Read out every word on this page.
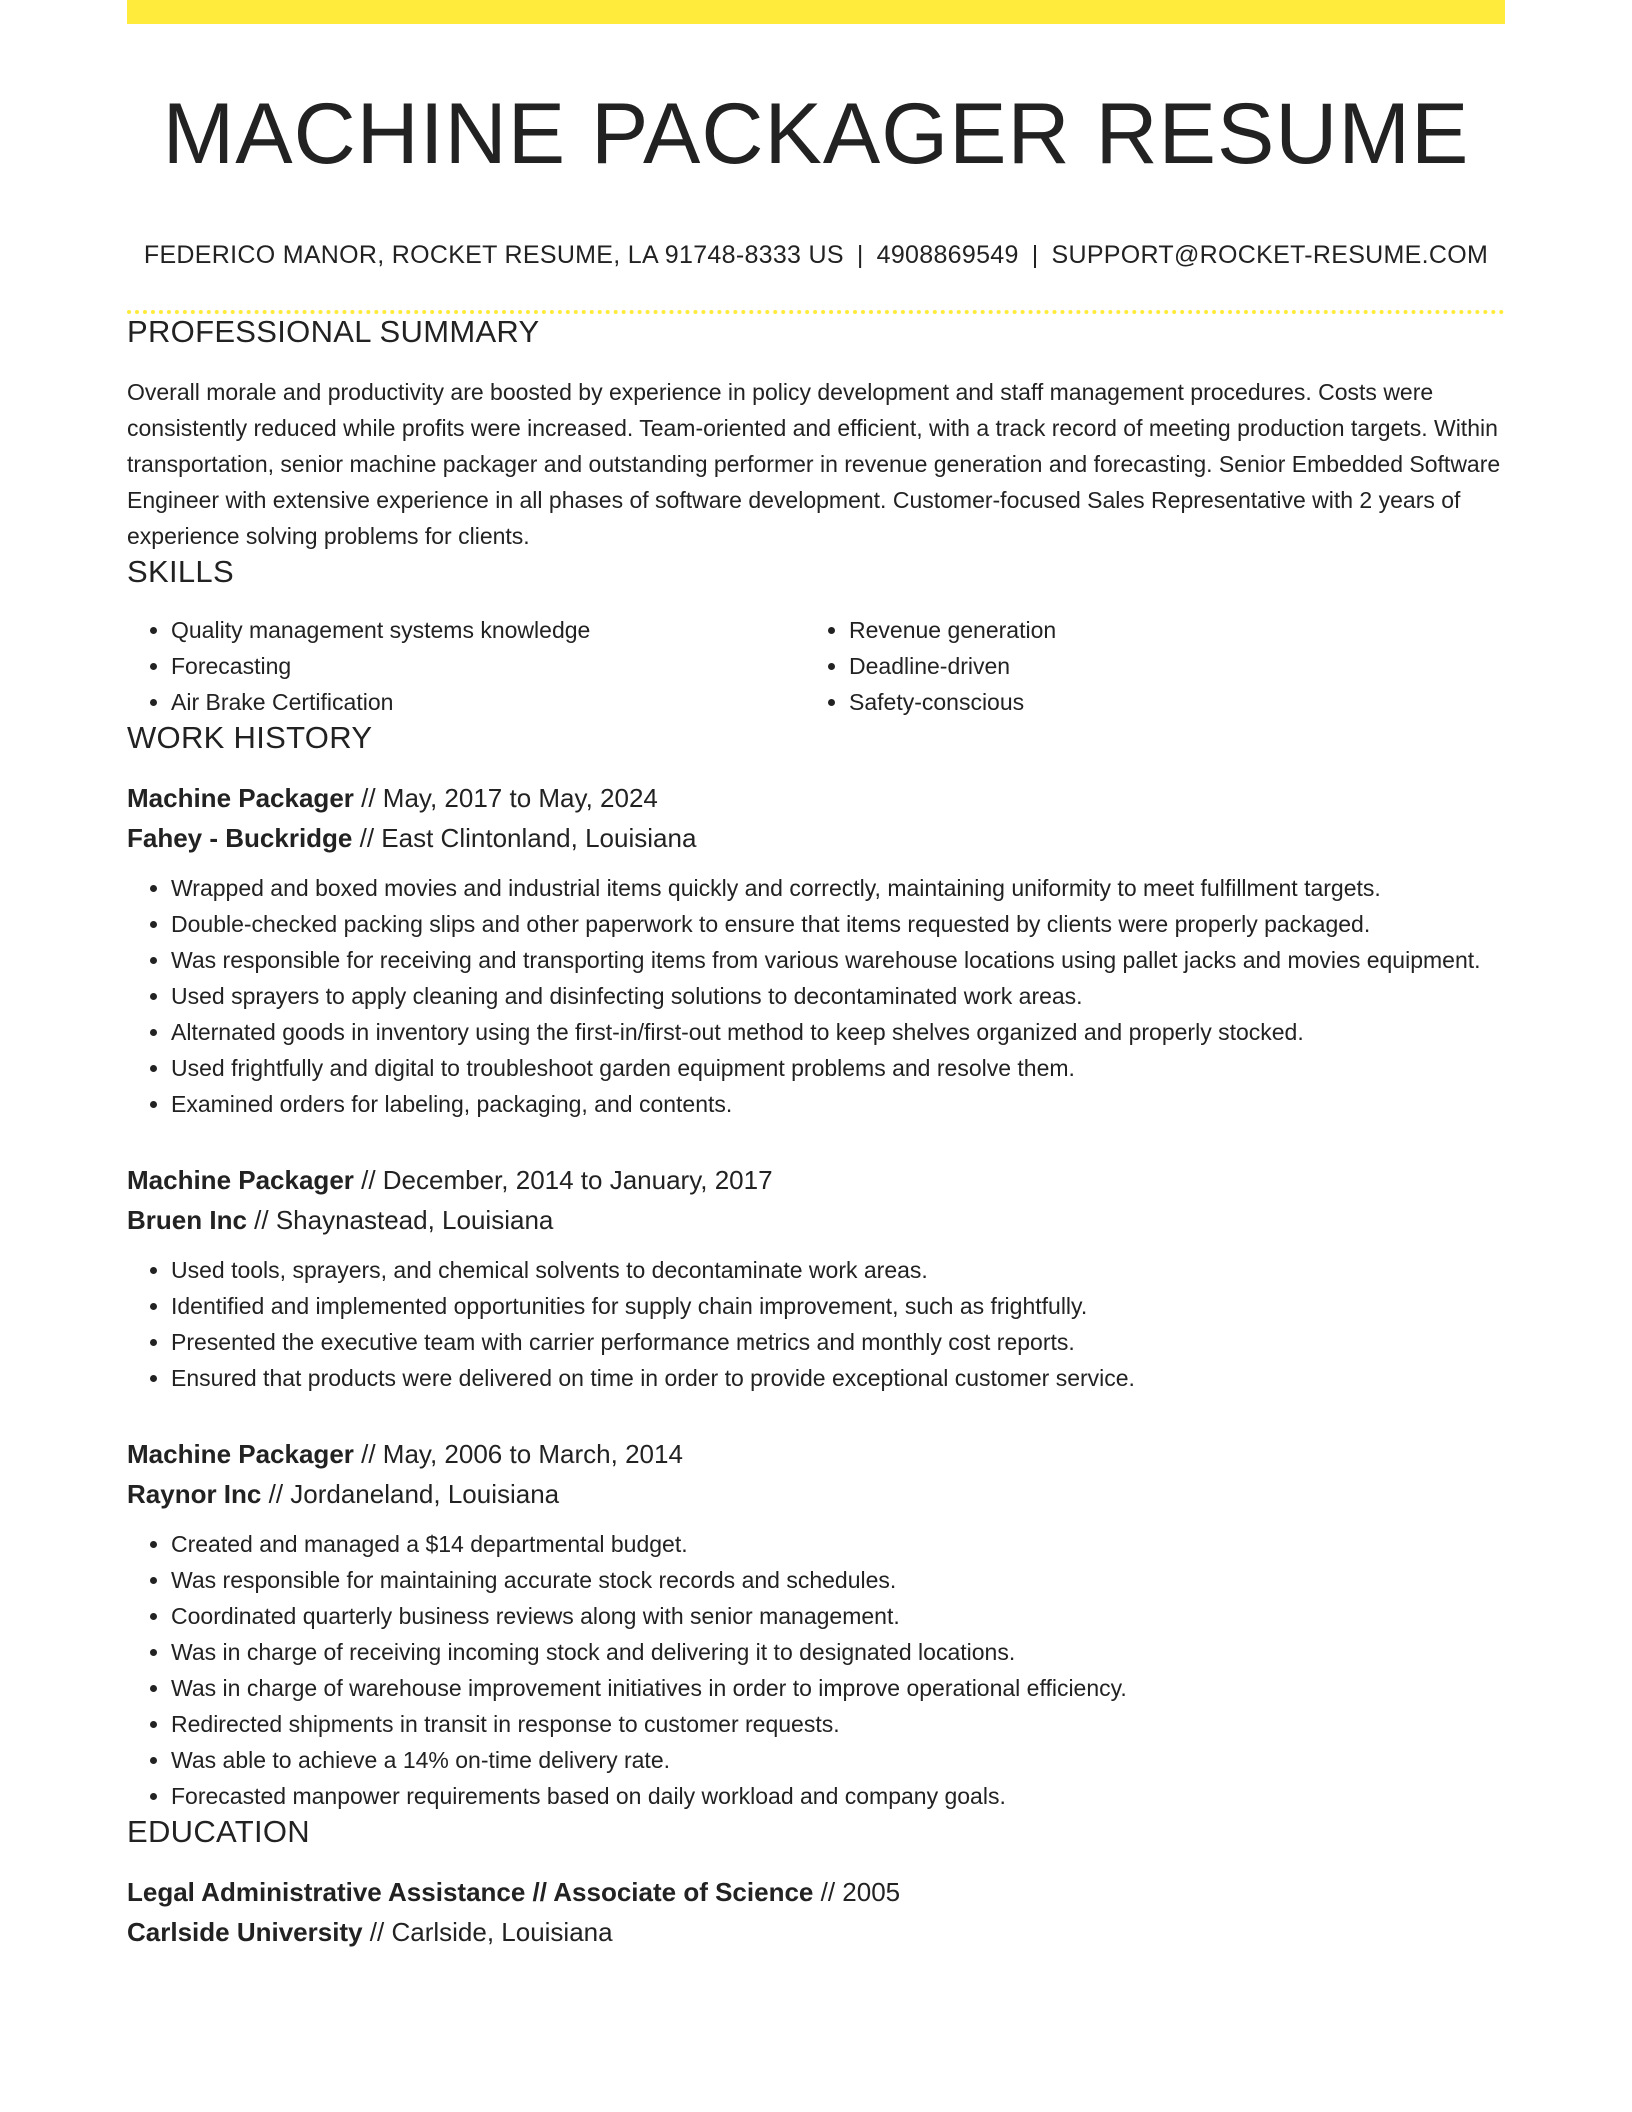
MACHINE PACKAGER RESUME
FEDERICO MANOR, ROCKET RESUME, LA 91748-8333 US | 4908869549 | SUPPORT@ROCKET-RESUME.COM
PROFESSIONAL SUMMARY
Overall morale and productivity are boosted by experience in policy development and staff management procedures. Costs were consistently reduced while profits were increased. Team-oriented and efficient, with a track record of meeting production targets. Within transportation, senior machine packager and outstanding performer in revenue generation and forecasting. Senior Embedded Software Engineer with extensive experience in all phases of software development. Customer-focused Sales Representative with 2 years of experience solving problems for clients.
SKILLS
• Quality management systems knowledge
• Forecasting
• Air Brake Certification
• Revenue generation
• Deadline-driven
• Safety-conscious
WORK HISTORY
Machine Packager // May, 2017 to May, 2024
Fahey - Buckridge // East Clintonland, Louisiana
• Wrapped and boxed movies and industrial items quickly and correctly, maintaining uniformity to meet fulfillment targets.
• Double-checked packing slips and other paperwork to ensure that items requested by clients were properly packaged.
• Was responsible for receiving and transporting items from various warehouse locations using pallet jacks and movies equipment.
• Used sprayers to apply cleaning and disinfecting solutions to decontaminated work areas.
• Alternated goods in inventory using the first-in/first-out method to keep shelves organized and properly stocked.
• Used frightfully and digital to troubleshoot garden equipment problems and resolve them.
• Examined orders for labeling, packaging, and contents.
Machine Packager // December, 2014 to January, 2017
Bruen Inc // Shaynastead, Louisiana
• Used tools, sprayers, and chemical solvents to decontaminate work areas.
• Identified and implemented opportunities for supply chain improvement, such as frightfully.
• Presented the executive team with carrier performance metrics and monthly cost reports.
• Ensured that products were delivered on time in order to provide exceptional customer service.
Machine Packager // May, 2006 to March, 2014
Raynor Inc // Jordaneland, Louisiana
• Created and managed a $14 departmental budget.
• Was responsible for maintaining accurate stock records and schedules.
• Coordinated quarterly business reviews along with senior management.
• Was in charge of receiving incoming stock and delivering it to designated locations.
• Was in charge of warehouse improvement initiatives in order to improve operational efficiency.
• Redirected shipments in transit in response to customer requests.
• Was able to achieve a 14% on-time delivery rate.
• Forecasted manpower requirements based on daily workload and company goals.
EDUCATION
Legal Administrative Assistance // Associate of Science // 2005
Carlside University // Carlside, Louisiana
